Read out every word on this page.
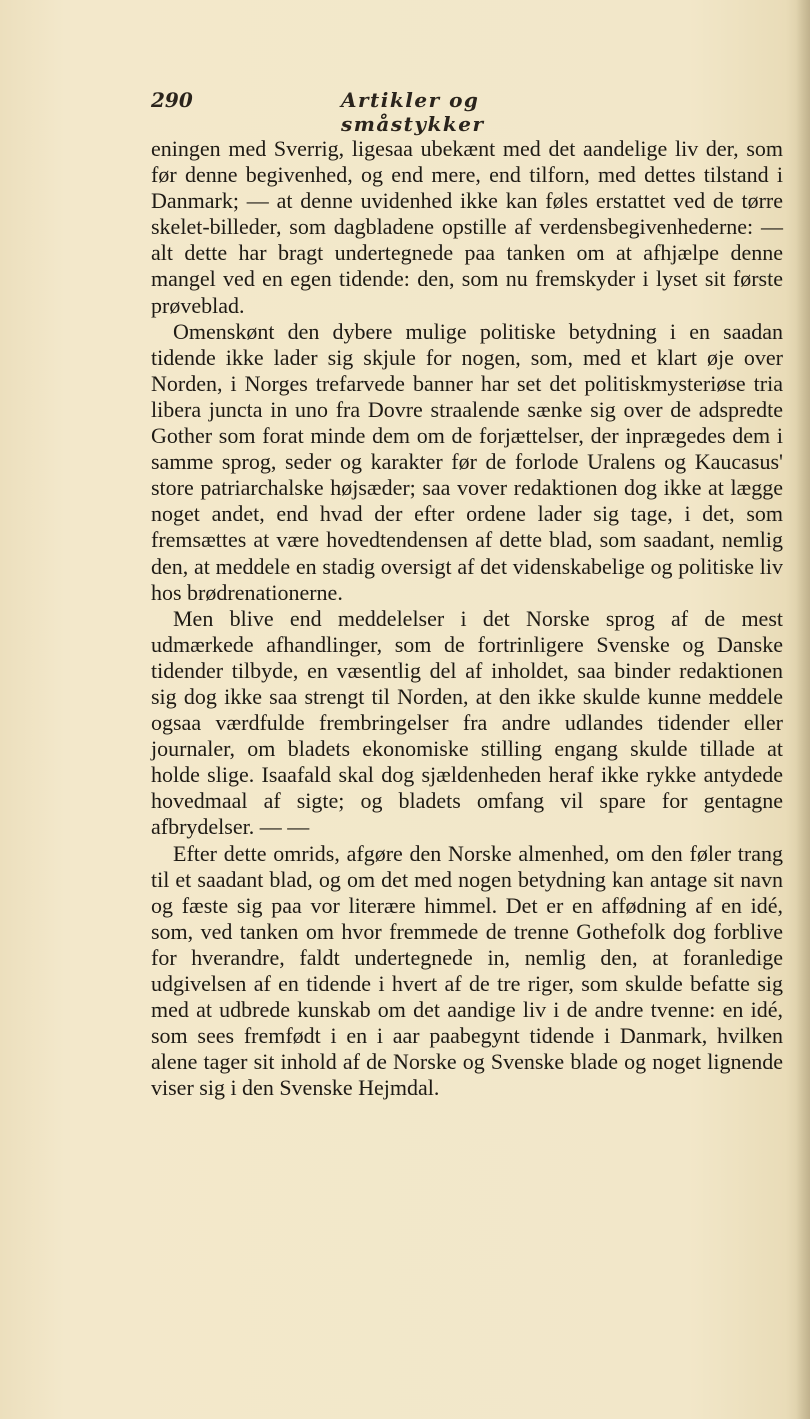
290	Artikler og småstykker

eningen med Sverrig, ligesaa ubekænt med det aandelige liv der, som før denne begivenhed, og end mere, end tilforn, med dettes tilstand i Danmark; — at denne uvidenhed ikke kan føles erstattet ved de tørre skelet-billeder, som dagbladene opstille af verdensbegivenhederne: — alt dette har bragt undertegnede paa tanken om at afhjælpe denne mangel ved en egen tidende: den, som nu fremskyder i lyset sit første prøveblad.

Omenskønt den dybere mulige politiske betydning i en saadan tidende ikke lader sig skjule for nogen, som, med et klart øje over Norden, i Norges trefarvede banner har set det politiskmysteriøse tria libera juncta in uno fra Dovre straalende sænke sig over de adspredte Gother som forat minde dem om de forjættelser, der inprægedes dem i samme sprog, seder og karakter før de forlode Uralens og Kaucasus' store patriarchalske højsæder; saa vover redaktionen dog ikke at lægge noget andet, end hvad der efter ordene lader sig tage, i det, som fremsættes at være hovedtendensen af dette blad, som saadant, nemlig den, at meddele en stadig oversigt af det videnskabelige og politiske liv hos brødrenationerne.

Men blive end meddelelser i det Norske sprog af de mest udmærkede afhandlinger, som de fortrinligere Svenske og Danske tidender tilbyde, en væsentlig del af inholdet, saa binder redaktionen sig dog ikke saa strengt til Norden, at den ikke skulde kunne meddele ogsaa værdfulde frembringelser fra andre udlandes tidender eller journaler, om bladets ekonomiske stilling engang skulde tillade at holde slige. Isaafald skal dog sjældenheden heraf ikke rykke antydede hovedmaal af sigte; og bladets omfang vil spare for gentagne afbrydelser. — —

Efter dette omrids, afgøre den Norske almenhed, om den føler trang til et saadant blad, og om det med nogen betydning kan antage sit navn og fæste sig paa vor literære himmel. Det er en affødning af en idé, som, ved tanken om hvor fremmede de trenne Gothefolk dog forblive for hverandre, faldt undertegnede in, nemlig den, at foranledige udgivelsen af en tidende i hvert af de tre riger, som skulde befatte sig med at udbrede kunskab om det aandige liv i de andre tvenne: en idé, som sees fremfødt i en i aar paabegynt tidende i Danmark, hvilken alene tager sit inhold af de Norske og Svenske blade og noget lignende viser sig i den Svenske Hejmdal.
